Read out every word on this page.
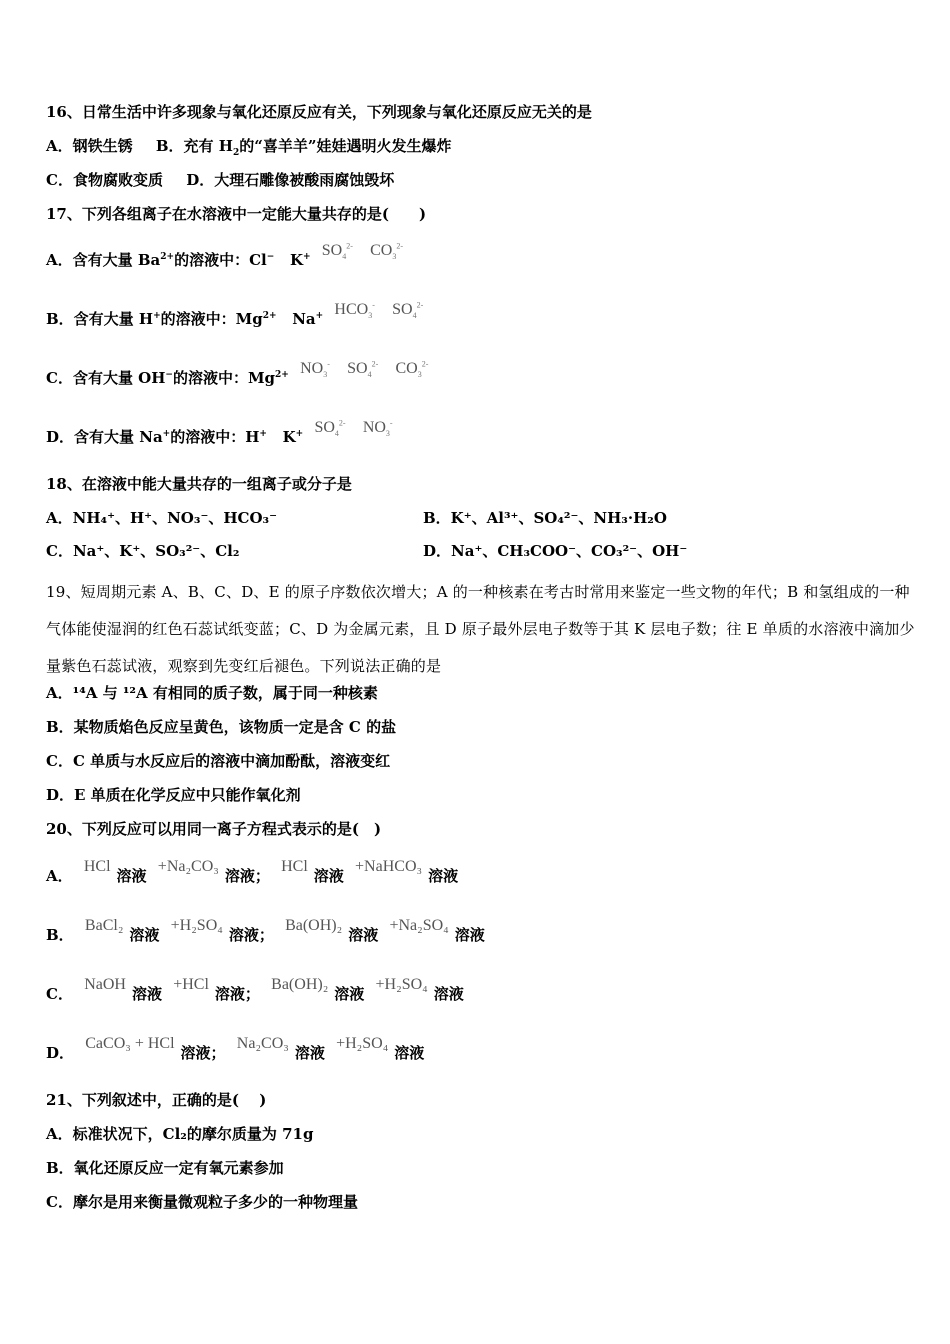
16、日常生活中许多现象与氧化还原反应有关，下列现象与氧化还原反应无关的是
A．钢铁生锈 B．充有 $H_2$的“喜羊羊”娃娃遇明火发生爆炸
C．食物腐败变质 D．大理石雕像被酸雨腐蚀毁坏
17、下列各组离子在水溶液中一定能大量共存的是(　　)
A．含有大量 $Ba^{2+}$的溶液中：Cl− K+ $SO_4^{2-}$ $CO_3^{2-}$
B．含有大量 H+的溶液中：$Mg^{2+}$ Na+ $HCO_3^-$ $SO_4^{2-}$
C．含有大量 OH−的溶液中：$Mg^{2+}$ $NO_3^-$ $SO_4^{2-}$ $CO_3^{2-}$
D．含有大量 Na+的溶液中：H+ K+ $SO_4^{2-}$ $NO_3^-$
18、在溶液中能大量共存的一组离子或分子是
A．NH₄⁺、H⁺、NO₃⁻、HCO₃⁻	B．K⁺、Al³⁺、SO₄²⁻、NH₃·H₂O
C．Na⁺、K⁺、SO₃²⁻、Cl₂	D．Na⁺、CH₃COO⁻、CO₃²⁻、OH⁻
19、短周期元素 A、B、C、D、E 的原子序数依次增大；A 的一种核素在考古时常用来鉴定一些文物的年代；B 和氢组成的一种气体能使湿润的红色石蕊试纸变蓝；C、D 为金属元素，且 D 原子最外层电子数等于其 K 层电子数；往 E 单质的水溶液中滴加少量紫色石蕊试液，观察到先变红后褪色。下列说法正确的是
A．¹⁴A 与 ¹²A 有相同的质子数，属于同一种核素
B．某物质焰色反应呈黄色，该物质一定是含 C 的盐
C．C 单质与水反应后的溶液中滴加酚酞，溶液变红
D．E 单质在化学反应中只能作氧化剂
20、下列反应可以用同一离子方程式表示的是(　)
A． HCl溶液 +Na₂CO₃溶液； HCl溶液 +NaHCO₃溶液
B． BaCl₂溶液 +H₂SO₄溶液； Ba(OH)₂溶液 +Na₂SO₄溶液
C． NaOH溶液 +HCl溶液； Ba(OH)₂溶液 +H₂SO₄溶液
D． CaCO₃ + HCl溶液； Na₂CO₃溶液 +H₂SO₄溶液
21、下列叙述中，正确的是(　 )
A．标准状况下，Cl₂的摩尔质量为 71g
B．氧化还原反应一定有氧元素参加
C．摩尔是用来衡量微观粒子多少的一种物理量
